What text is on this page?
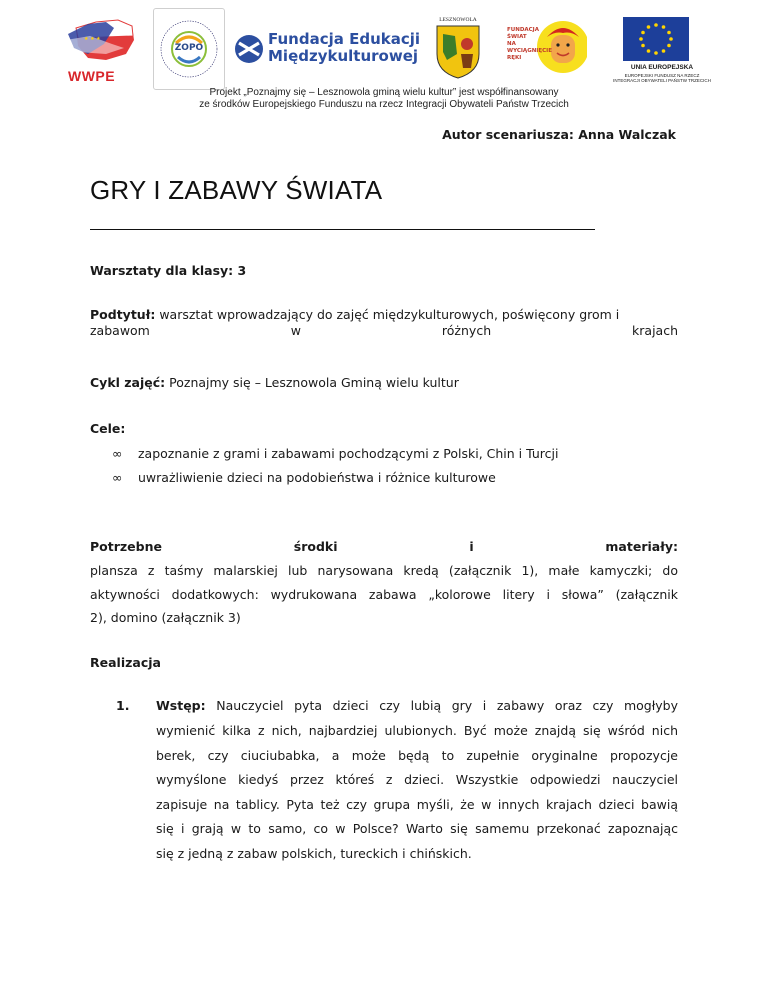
★ ★ ★
WWPE
ZOPO	Fundacja Edukacji
Międzykulturowej
LESZNOWOLA
FUNDACJA
ŚWIAT
NA
WYCIĄGNIĘCIE
RĘKI
UNIA EUROPEJSKA
EUROPEJSKI FUNDUSZ NA RZECZ
INTEGRACJI OBYWATELI PAŃSTW TRZECICH
Projekt „Poznajmy się – Lesznowola gminą wielu kultur” jest współfinansowany
ze środków Europejskiego Funduszu na rzecz Integracji Obywateli Państw Trzecich
Autor scenariusza: Anna Walczak
GRY I ZABAWY ŚWIATA
Warsztaty dla klasy: 3
Podtytuł: warsztat wprowadzający do zajęć międzykulturowych, poświęcony grom i
zabawom	w	różnych	krajach
Cykl zajęć: Poznajmy się – Lesznowola Gminą wielu kultur
Cele:
∞ zapoznanie z grami i zabawami pochodzącymi z Polski, Chin i Turcji
∞ uwrażliwienie dzieci na podobieństwa i różnice kulturowe
Potrzebne	środki	i	materiały:
plansza z taśmy malarskiej lub narysowana kredą (załącznik 1), małe kamyczki; do
aktywności dodatkowych: wydrukowana zabawa „kolorowe litery i słowa” (załącznik
2), domino (załącznik 3)
Realizacja
1. Wstęp: Nauczyciel pyta dzieci czy lubią gry i zabawy oraz czy mogłyby
wymienić kilka z nich, najbardziej ulubionych. Być może znajdą się wśród nich
berek, czy ciuciubabka, a może będą to zupełnie oryginalne propozycje
wymyślone kiedyś przez któreś z dzieci. Wszystkie odpowiedzi nauczyciel
zapisuje na tablicy. Pyta też czy grupa myśli, że w innych krajach dzieci bawią
się i grają w to samo, co w Polsce? Warto się samemu przekonać zapoznając
się z jedną z zabaw polskich, tureckich i chińskich.
